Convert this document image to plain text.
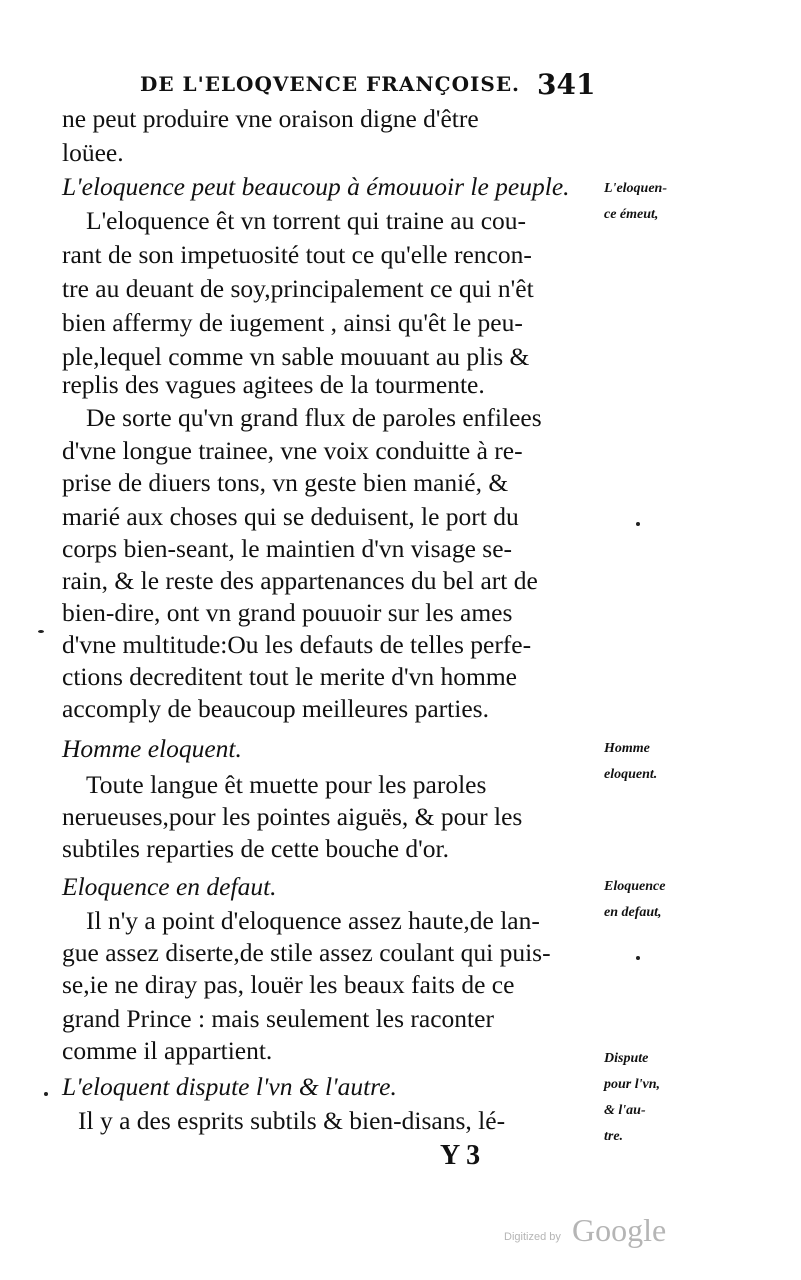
DE L'ELOQVENCE FRANÇOISE. 341
ne peut produire vne oraison digne d'être
loüee.
L'eloquence peut beaucoup à émouuoir le peuple.
L'eloquence êt vn torrent qui traine au cou-
rant de son impetuosité tout ce qu'elle rencon-
tre au deuant de soy,principalement ce qui n'êt
bien affermy de iugement , ainsi qu'êt le peu-
ple,lequel comme vn sable mouuant au plis &
replis des vagues agitees de la tourmente.
De sorte qu'vn grand flux de paroles enfilees
d'vne longue trainee, vne voix conduitte à re-
prise de diuers tons, vn geste bien manié, &
marié aux choses qui se deduisent, le port du
corps bien-seant, le maintien d'vn visage se-
rain, & le reste des appartenances du bel art de
bien-dire, ont vn grand pouuoir sur les ames
d'vne multitude:Ou les defauts de telles perfe-
ctions decreditent tout le merite d'vn homme
accomply de beaucoup meilleures parties.
Homme eloquent.
Toute langue êt muette pour les paroles
nerueuses,pour les pointes aiguës, & pour les
subtiles reparties de cette bouche d'or.
Eloquence en defaut.
Il n'y a point d'eloquence assez haute,de lan-
gue assez diserte,de stile assez coulant qui puis-
se,ie ne diray pas, louër les beaux faits de ce
grand Prince : mais seulement les raconter
comme il appartient.
L'eloquent dispute l'vn & l'autre.
Il y a des esprits subtils & bien-disans, lé-
L'eloquen-
ce émeut,
Homme
eloquent.
Eloquence
en defaut,
Dispute
pour l'vn,
& l'au-
tre.
Y 3
Digitized by Google
